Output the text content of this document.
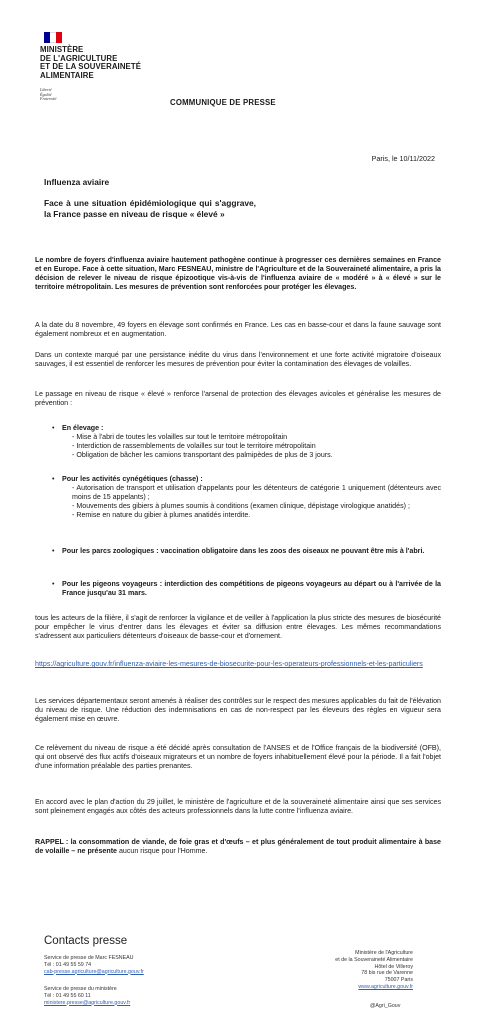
MINISTÈRE
DE L'AGRICULTURE
ET DE LA SOUVERAINETÉ
ALIMENTAIRE
Liberté
Égalité
Fraternité	COMMUNIQUE DE PRESSE
Paris, le 10/11/2022
Influenza aviaire
Face à une situation épidémiologique qui s'aggrave, la France passe en niveau de risque « élevé »
Le nombre de foyers d'influenza aviaire hautement pathogène continue à progresser ces dernières semaines en France et en Europe. Face à cette situation, Marc FESNEAU, ministre de l'Agriculture et de la Souveraineté alimentaire, a pris la décision de relever le niveau de risque épizootique vis-à-vis de l'influenza aviaire de « modéré » à « élevé » sur le territoire métropolitain. Les mesures de prévention sont renforcées pour protéger les élevages.
A la date du 8 novembre, 49 foyers en élevage sont confirmés en France. Les cas en basse-cour et dans la faune sauvage sont également nombreux et en augmentation.
Dans un contexte marqué par une persistance inédite du virus dans l'environnement et une forte activité migratoire d'oiseaux sauvages, il est essentiel de renforcer les mesures de prévention pour éviter la contamination des élevages de volailles.
Le passage en niveau de risque « élevé » renforce l'arsenal de protection des élevages avicoles et généralise les mesures de prévention :
• En élevage :
- Mise à l'abri de toutes les volailles sur tout le territoire métropolitain
- Interdiction de rassemblements de volailles sur tout le territoire métropolitain
- Obligation de bâcher les camions transportant des palmipèdes de plus de 3 jours.
• Pour les activités cynégétiques (chasse) :
- Autorisation de transport et utilisation d'appelants pour les détenteurs de catégorie 1 uniquement (détenteurs avec moins de 15 appelants) ;
- Mouvements des gibiers à plumes soumis à conditions (examen clinique, dépistage virologique anatidés) ;
- Remise en nature du gibier à plumes anatidés interdite.
• Pour les parcs zoologiques : vaccination obligatoire dans les zoos des oiseaux ne pouvant être mis à l'abri.
• Pour les pigeons voyageurs : interdiction des compétitions de pigeons voyageurs au départ ou à l'arrivée de la France jusqu'au 31 mars.
tous les acteurs de la filière, il s'agit de renforcer la vigilance et de veiller à l'application la plus stricte des mesures de biosécurité pour empêcher le virus d'entrer dans les élevages et éviter sa diffusion entre élevages. Les mêmes recommandations s'adressent aux particuliers détenteurs d'oiseaux de basse-cour et d'ornement.
https://agriculture.gouv.fr/influenza-aviaire-les-mesures-de-biosecurite-pour-les-operateurs-professionnels-et-les-particuliers
Les services départementaux seront amenés à réaliser des contrôles sur le respect des mesures applicables du fait de l'élévation du niveau de risque. Une réduction des indemnisations en cas de non-respect par les éleveurs des règles en vigueur sera également mise en œuvre.
Ce relèvement du niveau de risque a été décidé après consultation de l'ANSES et de l'Office français de la biodiversité (OFB), qui ont observé des flux actifs d'oiseaux migrateurs et un nombre de foyers inhabituellement élevé pour la période. Il a fait l'objet d'une information préalable des parties prenantes.
En accord avec le plan d'action du 29 juillet, le ministère de l'agriculture et de la souveraineté alimentaire ainsi que ses services sont pleinement engagés aux côtés des acteurs professionnels dans la lutte contre l'influenza aviaire.
RAPPEL : la consommation de viande, de foie gras et d'œufs – et plus généralement de tout produit alimentaire à base de volaille – ne présente aucun risque pour l'Homme.
Contacts presse
Service de presse de Marc FESNEAU
Tél : 01 49 55 59 74
cab-presse.agriculture@agriculture.gouv.fr
Service de presse du ministère
Tél : 01 49 55 60 11
ministere.presse@agriculture.gouv.fr
Ministère de l'Agriculture
et de la Souveraineté Alimentaire
Hôtel de Villeroy
78 bis rue de Varenne
75007 Paris
www.agriculture.gouv.fr
@Agri_Gouv
